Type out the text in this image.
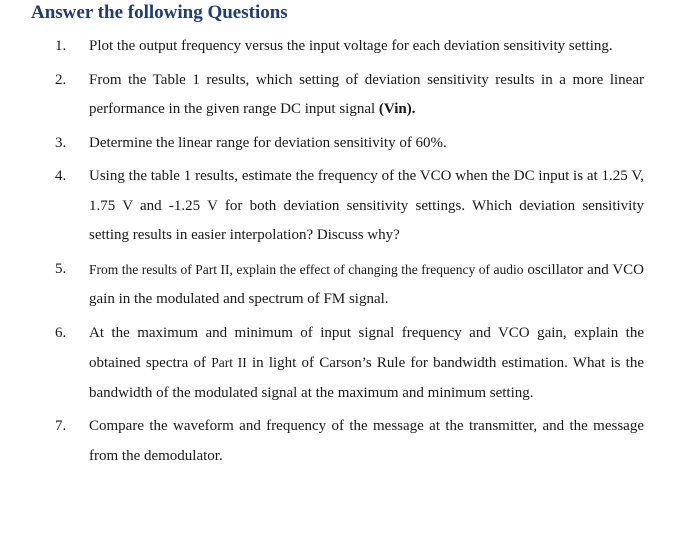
Answer the following Questions
1. Plot the output frequency versus the input voltage for each deviation sensitivity setting.
2. From the Table 1 results, which setting of deviation sensitivity results in a more linear performance in the given range DC input signal (Vin).
3. Determine the linear range for deviation sensitivity of 60%.
4. Using the table 1 results, estimate the frequency of the VCO when the DC input is at 1.25 V, 1.75 V and -1.25 V for both deviation sensitivity settings. Which deviation sensitivity setting results in easier interpolation? Discuss why?
5. From the results of Part II, explain the effect of changing the frequency of audio oscillator and VCO gain in the modulated and spectrum of FM signal.
6. At the maximum and minimum of input signal frequency and VCO gain, explain the obtained spectra of Part II in light of Carson’s Rule for bandwidth estimation. What is the bandwidth of the modulated signal at the maximum and minimum setting.
7. Compare the waveform and frequency of the message at the transmitter, and the message from the demodulator.
